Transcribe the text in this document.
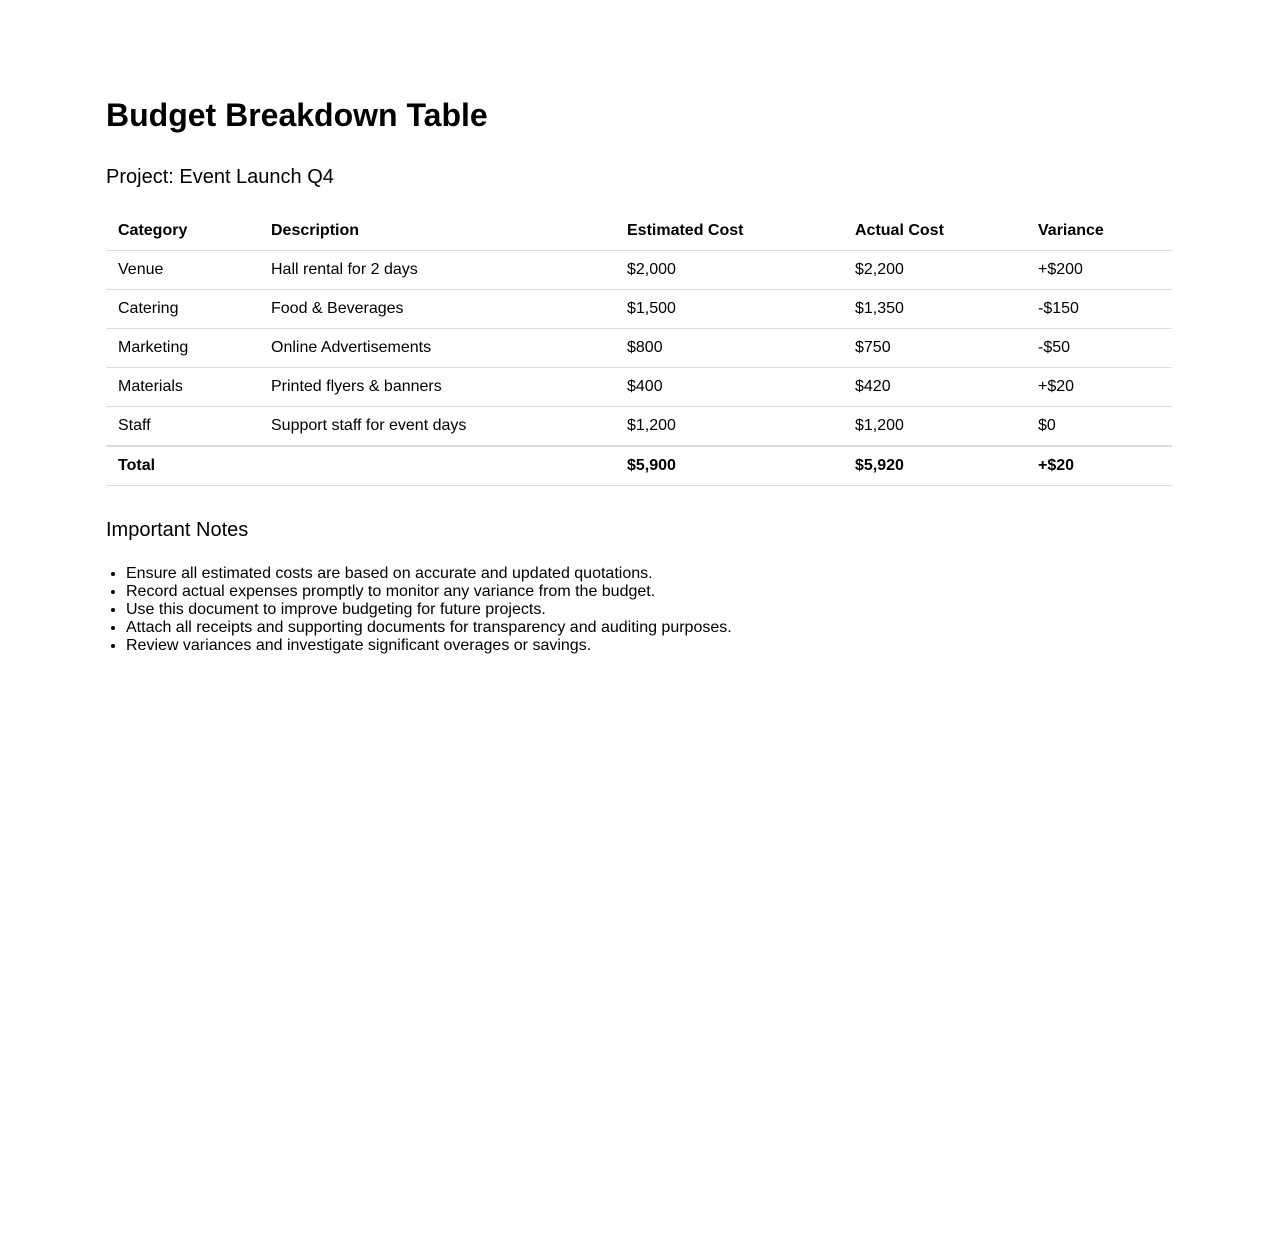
Budget Breakdown Table

Project: Event Launch Q4

Category	Description	Estimated Cost	Actual Cost	Variance
Venue	Hall rental for 2 days	$2,000	$2,200	+$200
Catering	Food & Beverages	$1,500	$1,350	-$150
Marketing	Online Advertisements	$800	$750	-$50
Materials	Printed flyers & banners	$400	$420	+$20
Staff	Support staff for event days	$1,200	$1,200	$0
Total		$5,900	$5,920	+$20
Important Notes
• Ensure all estimated costs are based on accurate and updated quotations.
• Record actual expenses promptly to monitor any variance from the budget.
• Use this document to improve budgeting for future projects.
• Attach all receipts and supporting documents for transparency and auditing purposes.
• Review variances and investigate significant overages or savings.
